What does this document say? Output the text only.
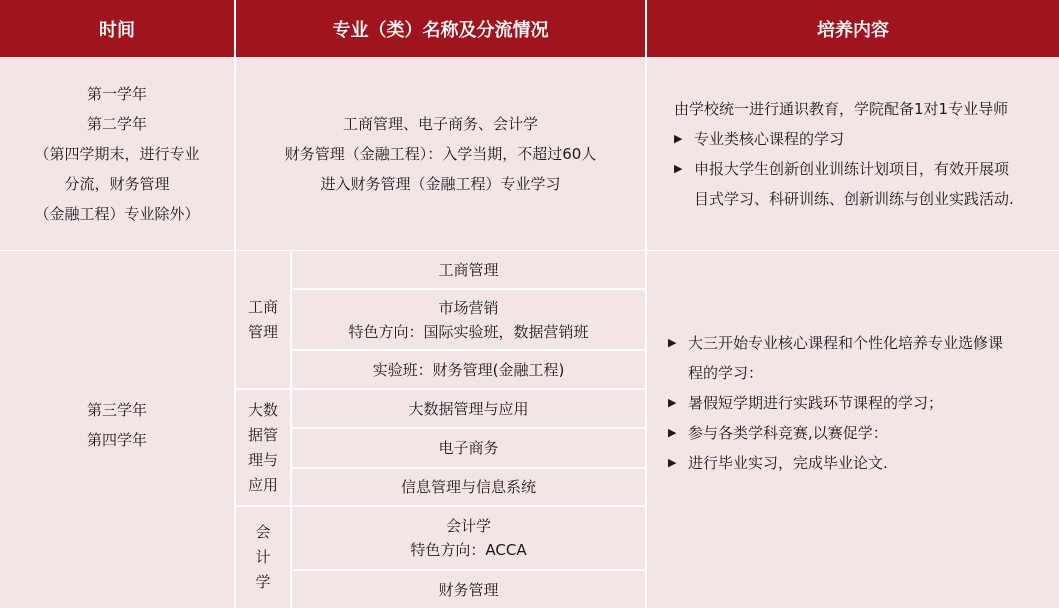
时间	专业（类）名称及分流情况	培养内容
第一学年
第二学年
（第四学期末，进行专业
分流，财务管理
（金融工程）专业除外）
工商管理、电子商务、会计学
财务管理（金融工程）：入学当期，不超过60人
进入财务管理（金融工程）专业学习
由学校统一进行通识教育，学院配备1对1专业导师
▶ 专业类核心课程的学习
▶ 申报大学生创新创业训练计划项目，有效开展项
目式学习、科研训练、创新训练与创业实践活动.
第三学年
第四学年
工商
管理
大数
据管
理与
应用
会
计
学
工商管理
市场营销
特色方向：国际实验班，数据营销班
实验班：财务管理(金融工程)
大数据管理与应用
电子商务
信息管理与信息系统
会计学
特色方向：ACCA
财务管理
▶ 大三开始专业核心课程和个性化培养专业选修课
程的学习：
▶ 暑假短学期进行实践环节课程的学习；
▶ 参与各类学科竞赛,以赛促学：
▶ 进行毕业实习，完成毕业论文.
